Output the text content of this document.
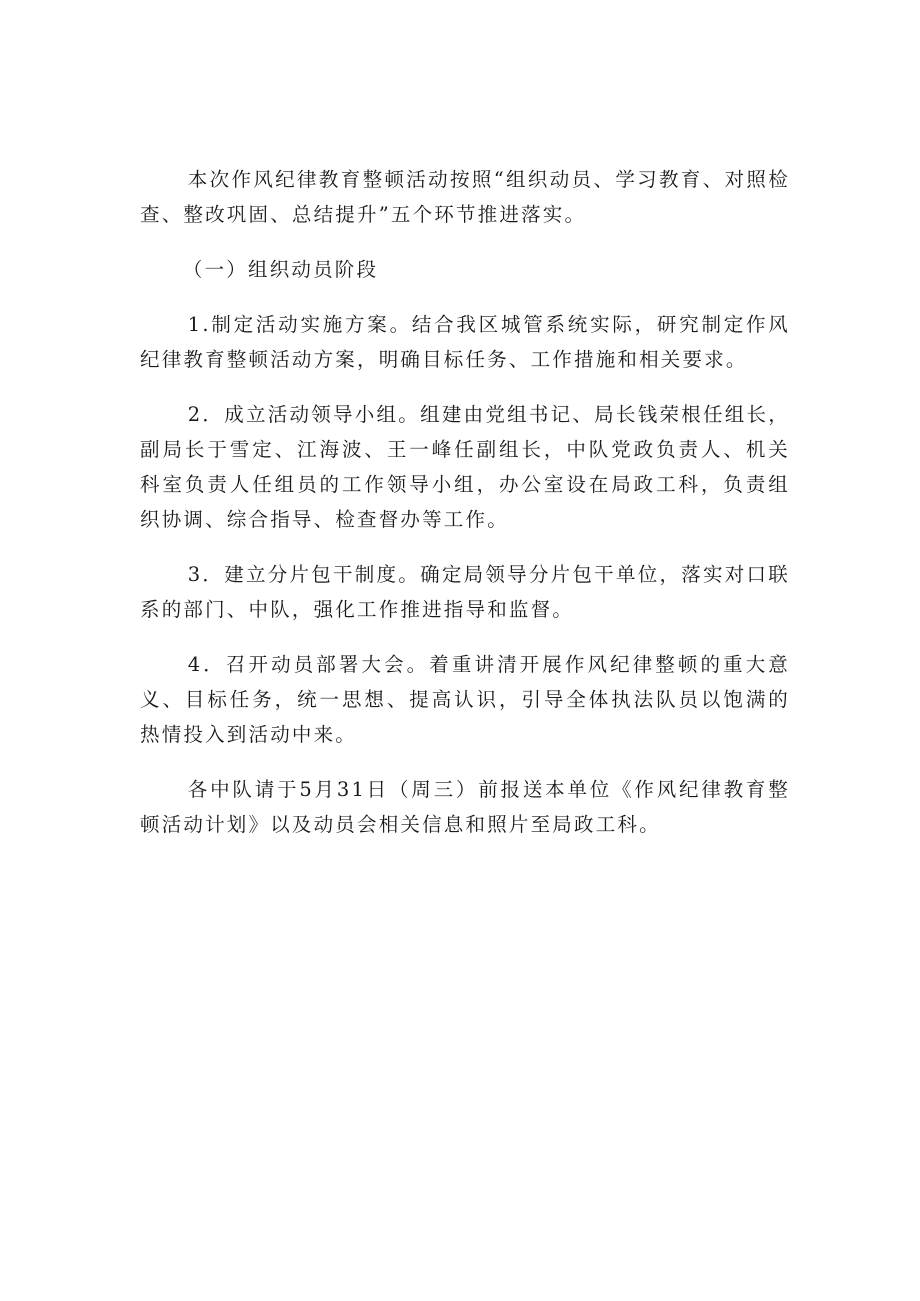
本次作风纪律教育整顿活动按照“组织动员、学习教育、对照检查、整改巩固、总结提升”五个环节推进落实。

（一）组织动员阶段

1.制定活动实施方案。结合我区城管系统实际，研究制定作风纪律教育整顿活动方案，明确目标任务、工作措施和相关要求。

2．成立活动领导小组。组建由党组书记、局长钱荣根任组长，副局长于雪定、江海波、王一峰任副组长，中队党政负责人、机关科室负责人任组员的工作领导小组，办公室设在局政工科，负责组织协调、综合指导、检查督办等工作。

3．建立分片包干制度。确定局领导分片包干单位，落实对口联系的部门、中队，强化工作推进指导和监督。

4．召开动员部署大会。着重讲清开展作风纪律整顿的重大意义、目标任务，统一思想、提高认识，引导全体执法队员以饱满的热情投入到活动中来。

各中队请于5月31日（周三）前报送本单位《作风纪律教育整顿活动计划》以及动员会相关信息和照片至局政工科。
